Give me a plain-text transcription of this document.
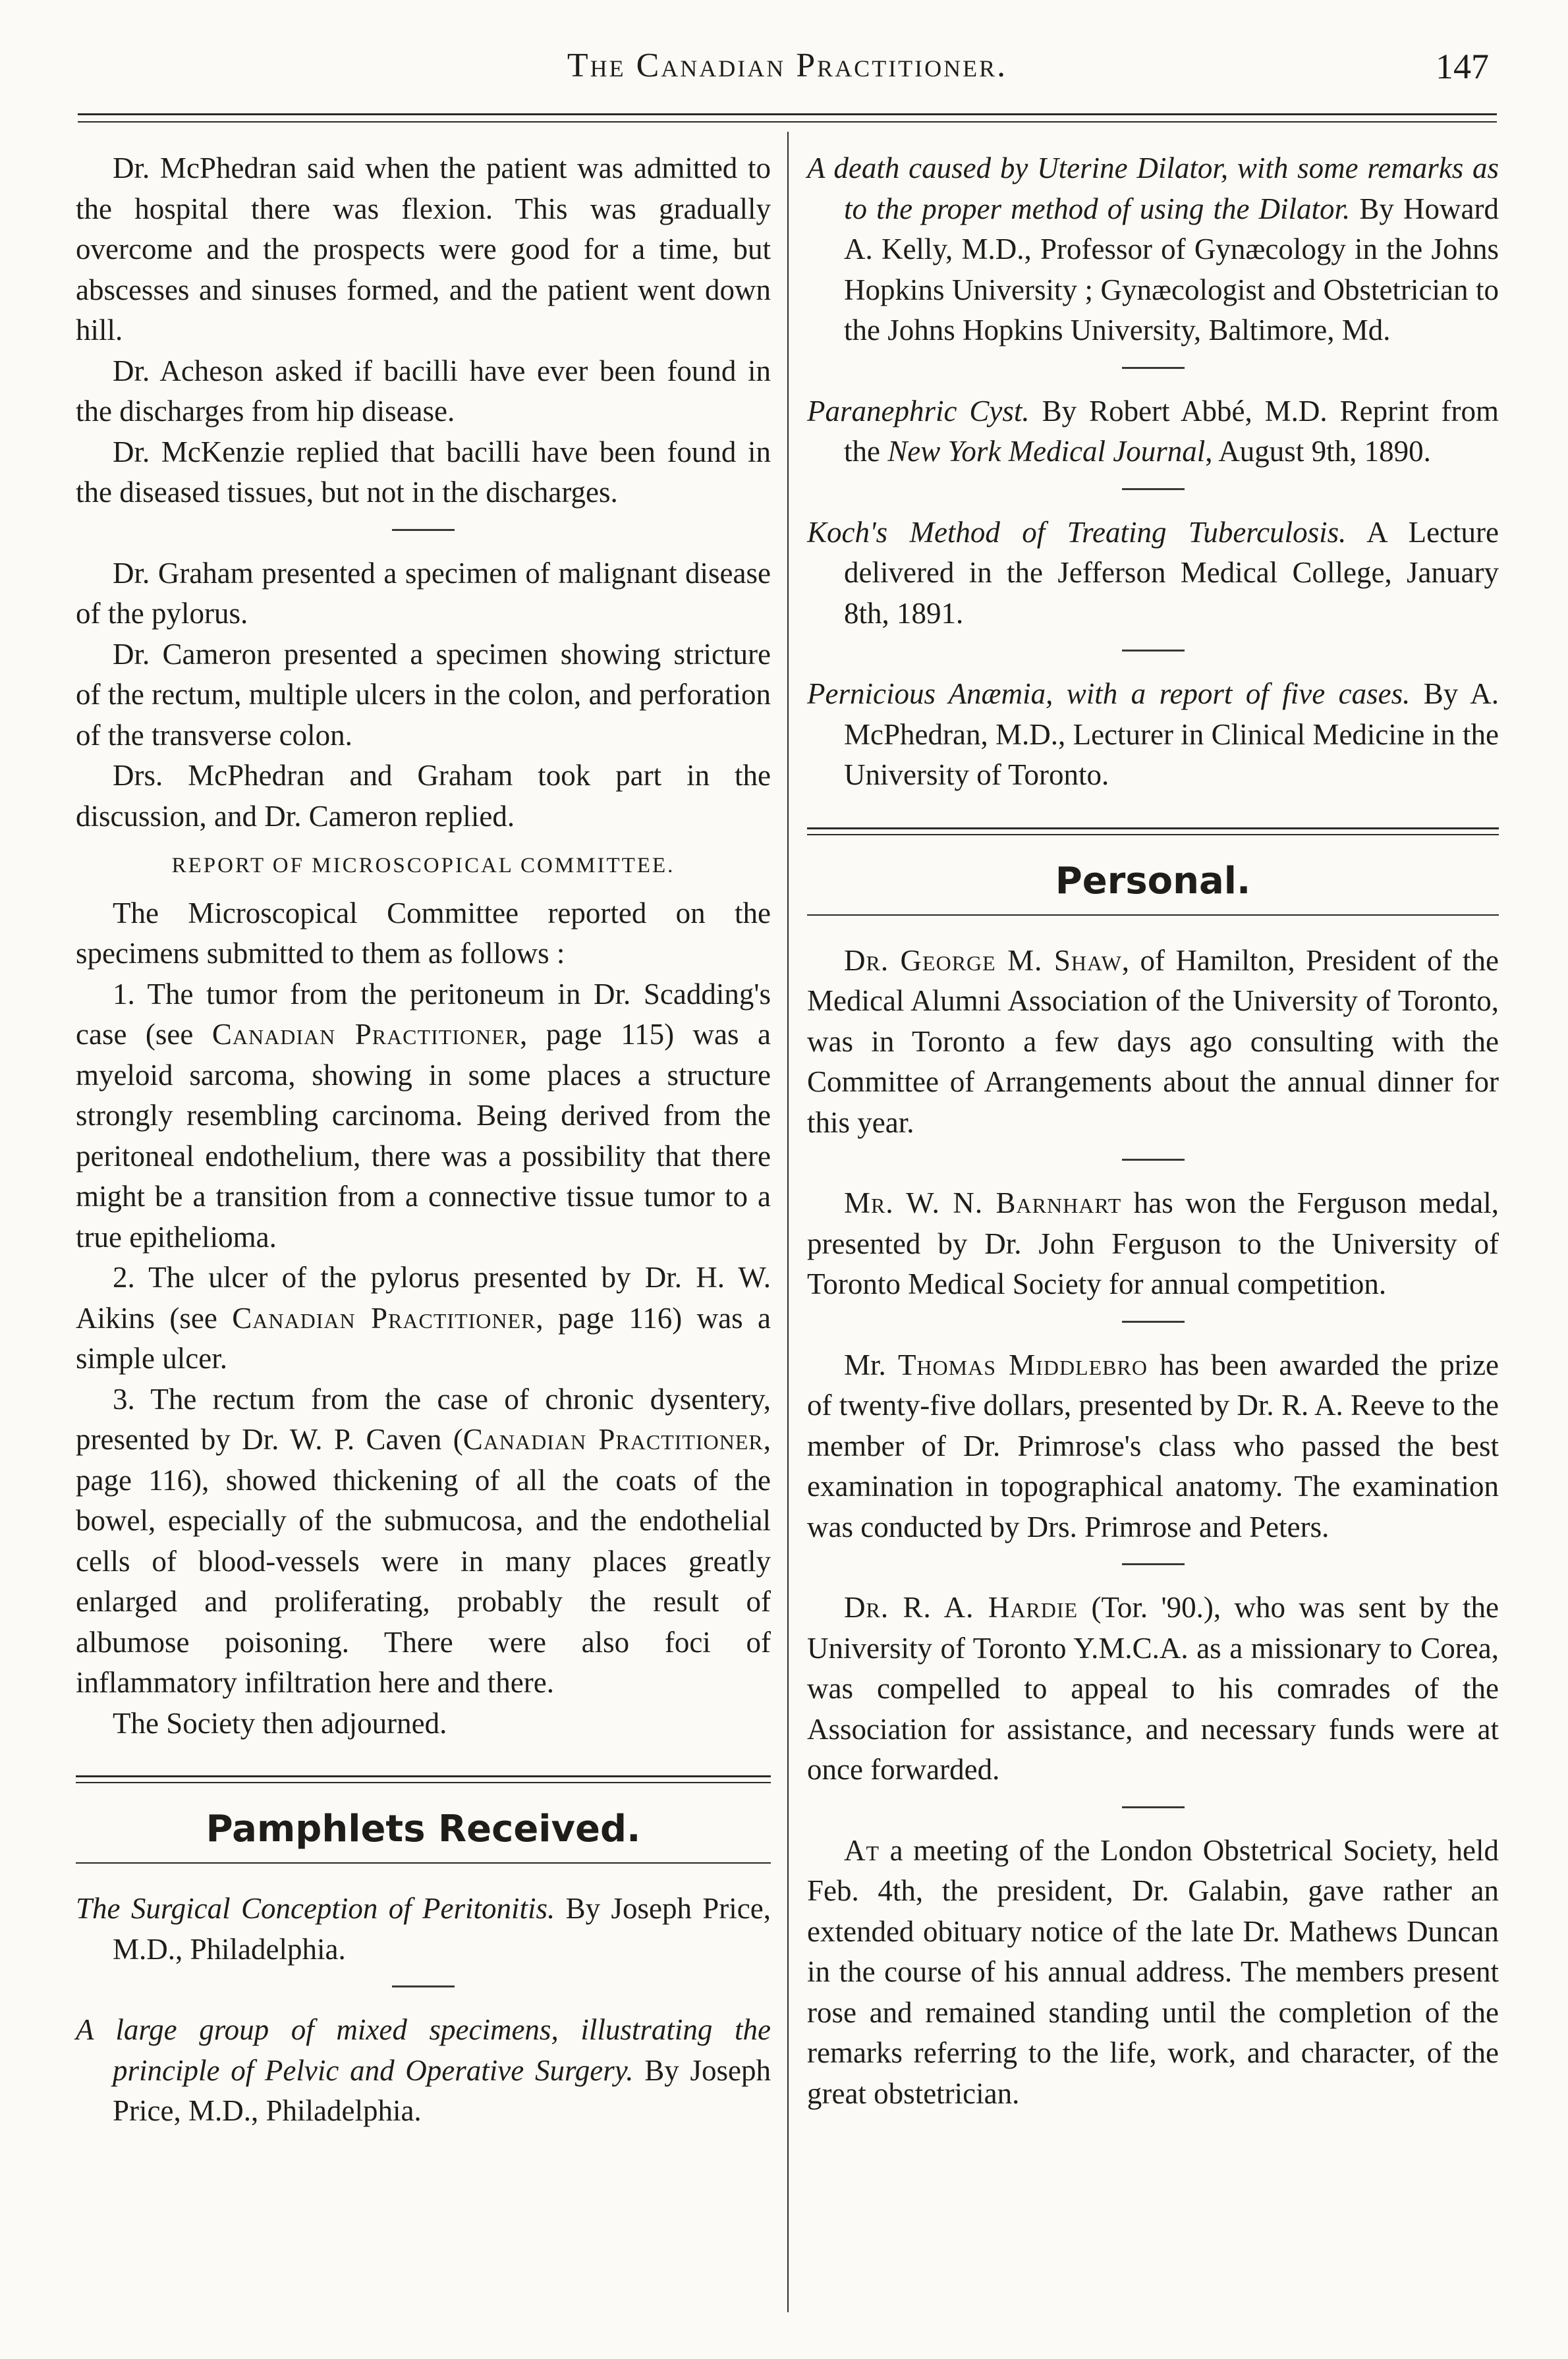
The Canadian Practitioner.	147

Dr. McPhedran said when the patient was admitted to the hospital there was flexion. This was gradually overcome and the prospects were good for a time, but abscesses and sinuses formed, and the patient went down hill.

Dr. Acheson asked if bacilli have ever been found in the discharges from hip disease.

Dr. McKenzie replied that bacilli have been found in the diseased tissues, but not in the discharges.

Dr. Graham presented a specimen of malignant disease of the pylorus.

Dr. Cameron presented a specimen showing stricture of the rectum, multiple ulcers in the colon, and perforation of the transverse colon.

Drs. McPhedran and Graham took part in the discussion, and Dr. Cameron replied.

REPORT OF MICROSCOPICAL COMMITTEE.

The Microscopical Committee reported on the specimens submitted to them as follows :

1. The tumor from the peritoneum in Dr. Scadding's case (see Canadian Practitioner, page 115) was a myeloid sarcoma, showing in some places a structure strongly resembling carcinoma. Being derived from the peritoneal endothelium, there was a possibility that there might be a transition from a connective tissue tumor to a true epithelioma.

2. The ulcer of the pylorus presented by Dr. H. W. Aikins (see Canadian Practitioner, page 116) was a simple ulcer.

3. The rectum from the case of chronic dysentery, presented by Dr. W. P. Caven (Canadian Practitioner, page 116), showed thickening of all the coats of the bowel, especially of the submucosa, and the endothelial cells of blood-vessels were in many places greatly enlarged and proliferating, probably the result of albumose poisoning. There were also foci of inflammatory infiltration here and there.

The Society then adjourned.

Pamphlets Received.

The Surgical Conception of Peritonitis. By Joseph Price, M.D., Philadelphia.

A large group of mixed specimens, illustrating the principle of Pelvic and Operative Surgery. By Joseph Price, M.D., Philadelphia.

A death caused by Uterine Dilator, with some remarks as to the proper method of using the Dilator. By Howard A. Kelly, M.D., Professor of Gynæcology in the Johns Hopkins University ; Gynæcologist and Obstetrician to the Johns Hopkins University, Baltimore, Md.

Paranephric Cyst. By Robert Abbé, M.D. Reprint from the New York Medical Journal, August 9th, 1890.

Koch's Method of Treating Tuberculosis. A Lecture delivered in the Jefferson Medical College, January 8th, 1891.

Pernicious Anæmia, with a report of five cases. By A. McPhedran, M.D., Lecturer in Clinical Medicine in the University of Toronto.

Personal.

Dr. George M. Shaw, of Hamilton, President of the Medical Alumni Association of the University of Toronto, was in Toronto a few days ago consulting with the Committee of Arrangements about the annual dinner for this year.

Mr. W. N. Barnhart has won the Ferguson medal, presented by Dr. John Ferguson to the University of Toronto Medical Society for annual competition.

Mr. Thomas Middlebro has been awarded the prize of twenty-five dollars, presented by Dr. R. A. Reeve to the member of Dr. Primrose's class who passed the best examination in topographical anatomy. The examination was conducted by Drs. Primrose and Peters.

Dr. R. A. Hardie (Tor. '90.), who was sent by the University of Toronto Y.M.C.A. as a missionary to Corea, was compelled to appeal to his comrades of the Association for assistance, and necessary funds were at once forwarded.

At a meeting of the London Obstetrical Society, held Feb. 4th, the president, Dr. Galabin, gave rather an extended obituary notice of the late Dr. Mathews Duncan in the course of his annual address. The members present rose and remained standing until the completion of the remarks referring to the life, work, and character, of the great obstetrician.
